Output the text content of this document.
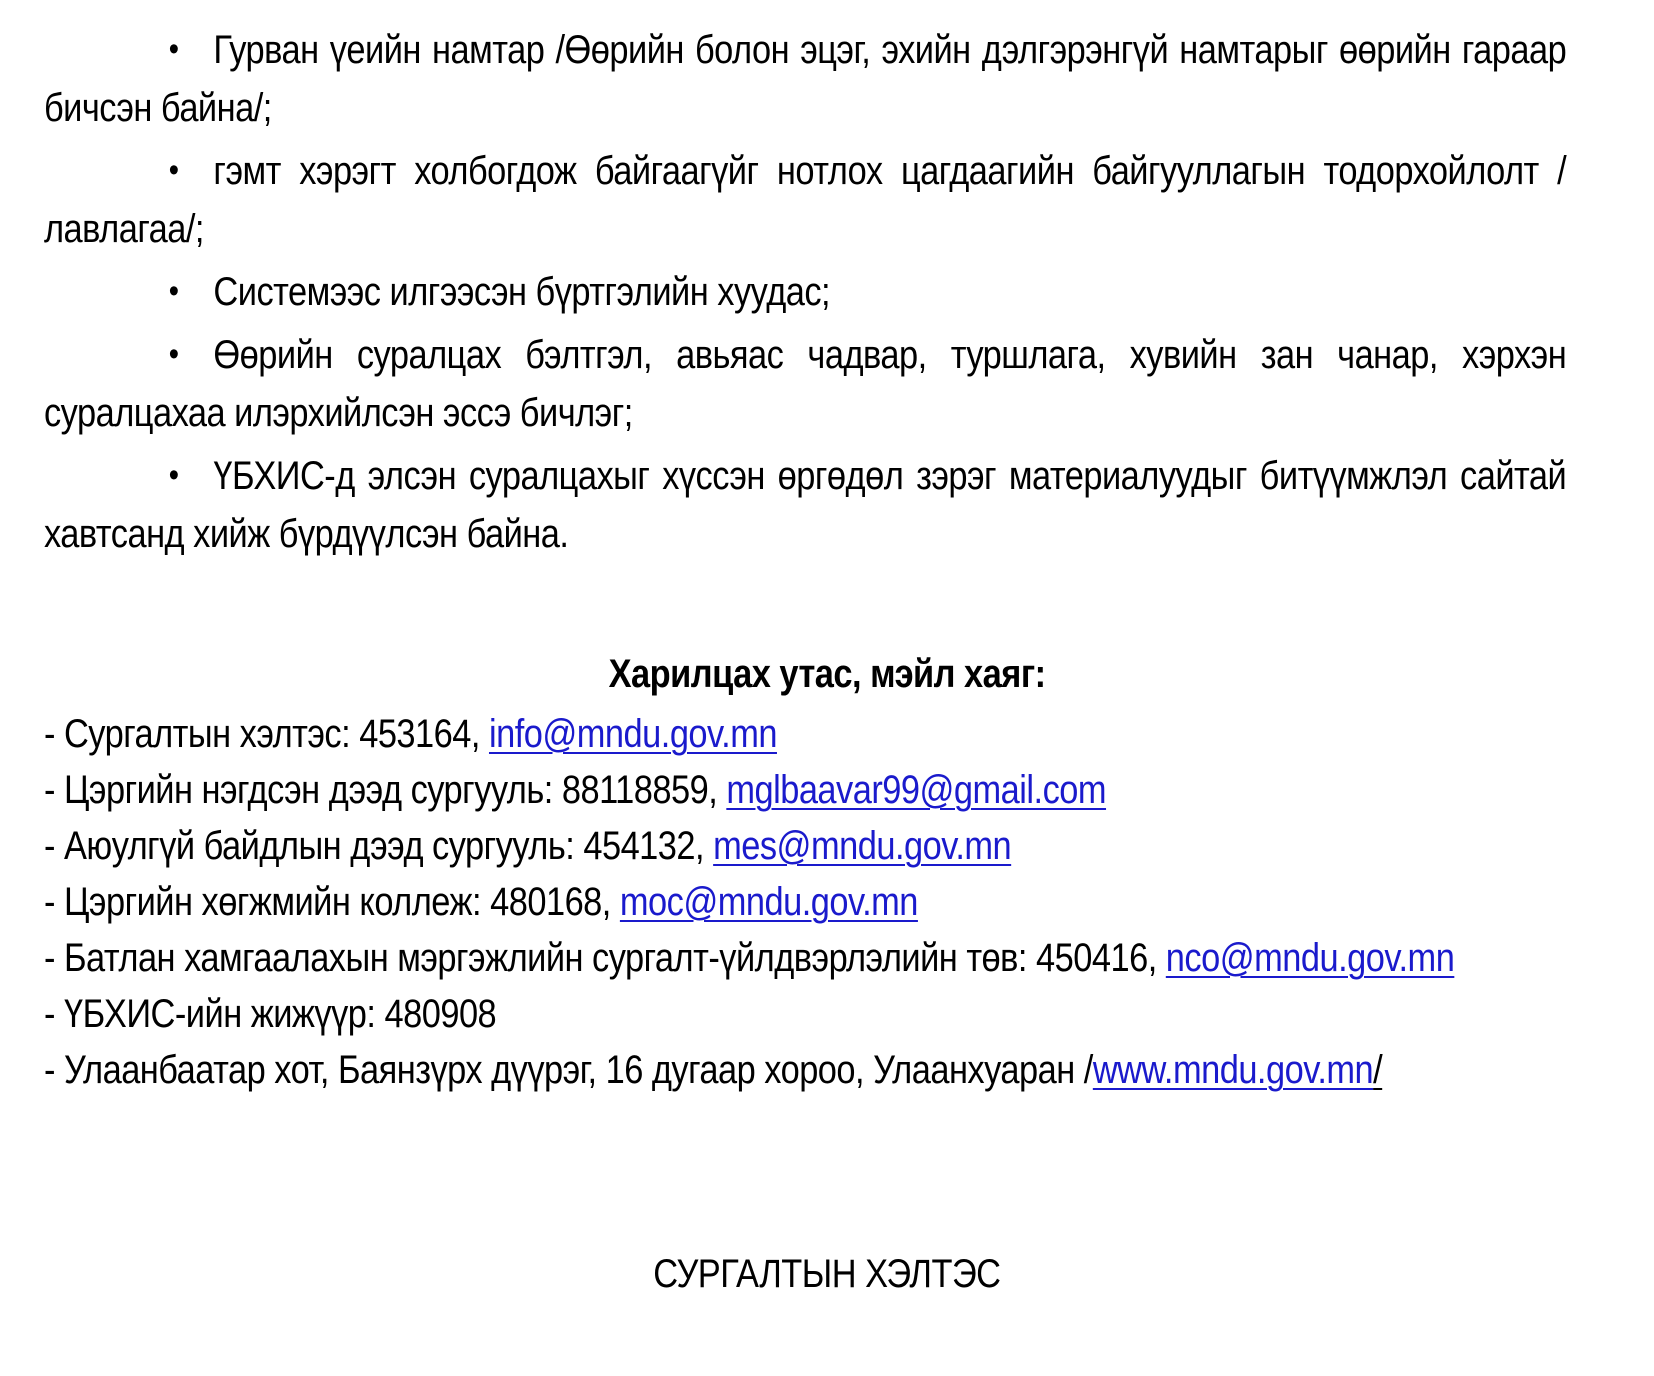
• Гурван үеийн намтар /Өөрийн болон эцэг, эхийн дэлгэрэнгүй намтарыг өөрийн гараар бичсэн байна/;

• гэмт хэрэгт холбогдож байгаагүйг нотлох цагдаагийн байгууллагын тодорхойлолт /лавлагаа/;

• Системээс илгээсэн бүртгэлийн хуудас;

• Өөрийн суралцах бэлтгэл, авьяас чадвар, туршлага, хувийн зан чанар, хэрхэн суралцахаа илэрхийлсэн эссэ бичлэг;

• ҮБХИС-д элсэн суралцахыг хүссэн өргөдөл зэрэг материалуудыг битүүмжлэл сайтай хавтсанд хийж бүрдүүлсэн байна.

Харилцах утас, мэйл хаяг:
- Сургалтын хэлтэс: 453164, info@mndu.gov.mn
- Цэргийн нэгдсэн дээд сургууль: 88118859, mglbaavar99@gmail.com
- Аюулгүй байдлын дээд сургууль: 454132, mes@mndu.gov.mn
- Цэргийн хөгжмийн коллеж: 480168, moc@mndu.gov.mn
- Батлан хамгаалахын мэргэжлийн сургалт-үйлдвэрлэлийн төв: 450416, nco@mndu.gov.mn
- ҮБХИС-ийн жижүүр: 480908
- Улаанбаатар хот, Баянзүрх дүүрэг, 16 дугаар хороо, Улаанхуаран /www.mndu.gov.mn/
СУРГАЛТЫН ХЭЛТЭС
